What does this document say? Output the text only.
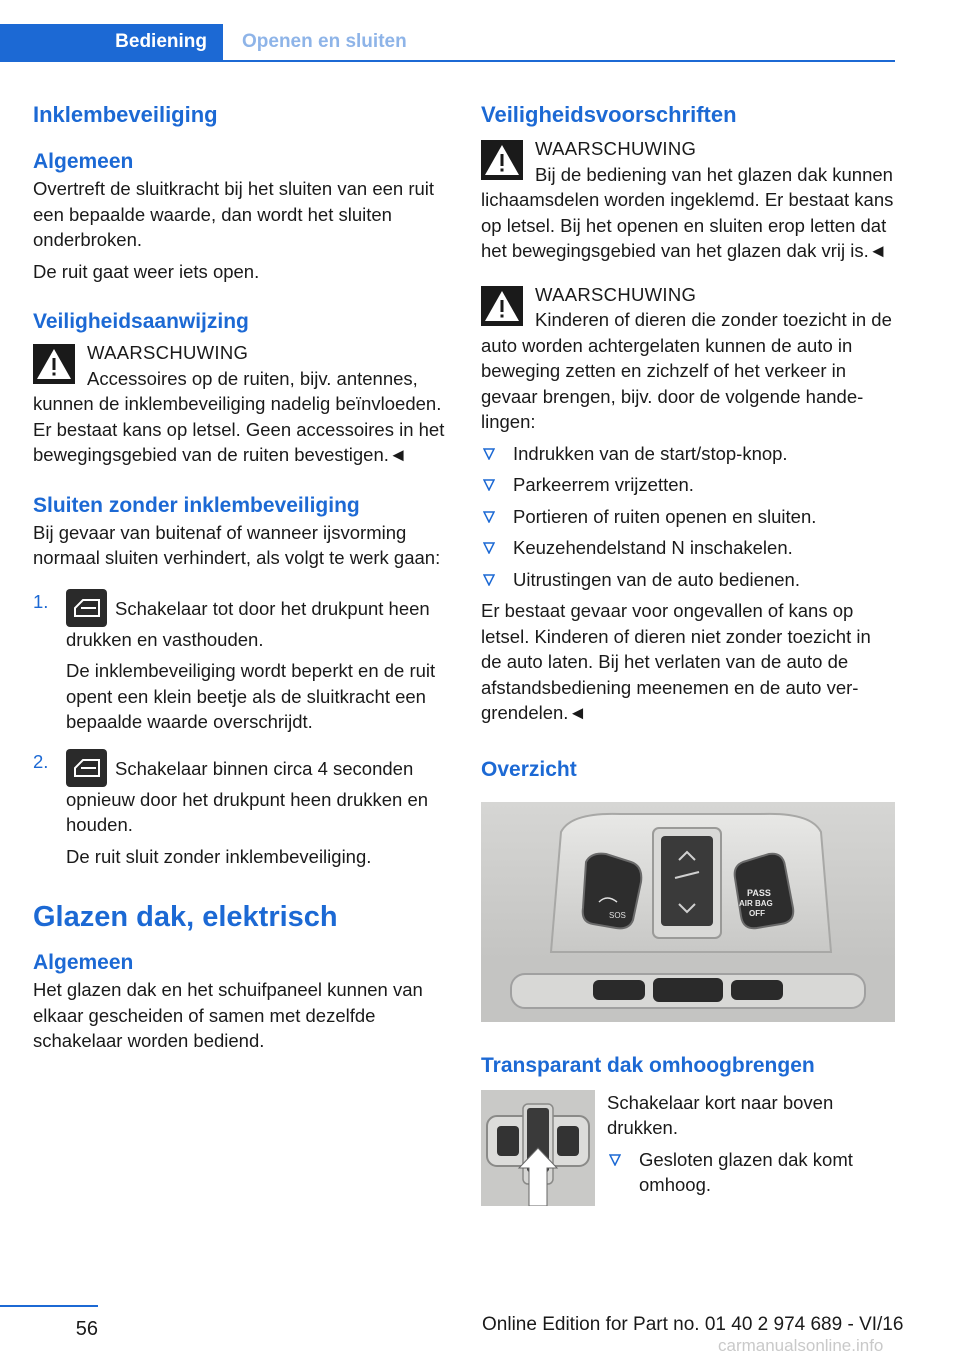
Bediening	Openen en sluiten
Inklembeveiliging
Algemeen

Overtreft de sluitkracht bij het sluiten van een ruit een bepaalde waarde, dan wordt het sluiten onderbroken.

De ruit gaat weer iets open.

Veiligheidsaanwijzing
WAARSCHUWING

Accessoires op de ruiten, bijv. antennes, kunnen de inklembeveiliging nadelig beïnvloeden. Er bestaat kans op letsel. Geen accessoires in het bewegingsgebied van de ruiten bevestigen.◄

Sluiten zonder inklembeveiliging

Bij gevaar van buitenaf of wanneer ijsvorming normaal sluiten verhindert, als volgt te werk gaan:

1.	Schakelaar tot door het drukpunt heen drukken en vasthouden.

De inklembeveiliging wordt beperkt en de ruit opent een klein beetje als de sluitkracht een bepaalde waarde overschrijdt.

2.	Schakelaar binnen circa 4 seconden opnieuw door het drukpunt heen drukken en houden.

De ruit sluit zonder inklembeveiliging.

Glazen dak, elektrisch
Algemeen

Het glazen dak en het schuifpaneel kunnen van elkaar gescheiden of samen met dezelfde schakelaar worden bediend.

Veiligheidsvoorschriften
WAARSCHUWING

Bij de bediening van het glazen dak kunnen lichaamsdelen worden ingeklemd. Er bestaat kans op letsel. Bij het openen en sluiten erop letten dat het bewegingsgebied van het glazen dak vrij is.◄

WAARSCHUWING

Kinderen of dieren die zonder toezicht in de auto worden achtergelaten kunnen de auto in beweging zetten en zichzelf of het verkeer in gevaar brengen, bijv. door de volgende handelingen:

Indrukken van de start/stop-knop.
Parkeerrem vrijzetten.
Portieren of ruiten openen en sluiten.
Keuzehendelstand N inschakelen.
Uitrustingen van de auto bedienen.

Er bestaat gevaar voor ongevallen of kans op letsel. Kinderen of dieren niet zonder toezicht in de auto laten. Bij het verlaten van de auto de afstandsbediening meenemen en de auto vergrendelen.◄

Overzicht
SOS
PASS
AIR BAG
OFF
Transparant dak omhoogbrengen

Schakelaar kort naar boven drukken.

Gesloten glazen dak komt omhoog.
56	Online Edition for Part no. 01 40 2 974 689 - VI/16
carmanualsonline.info
